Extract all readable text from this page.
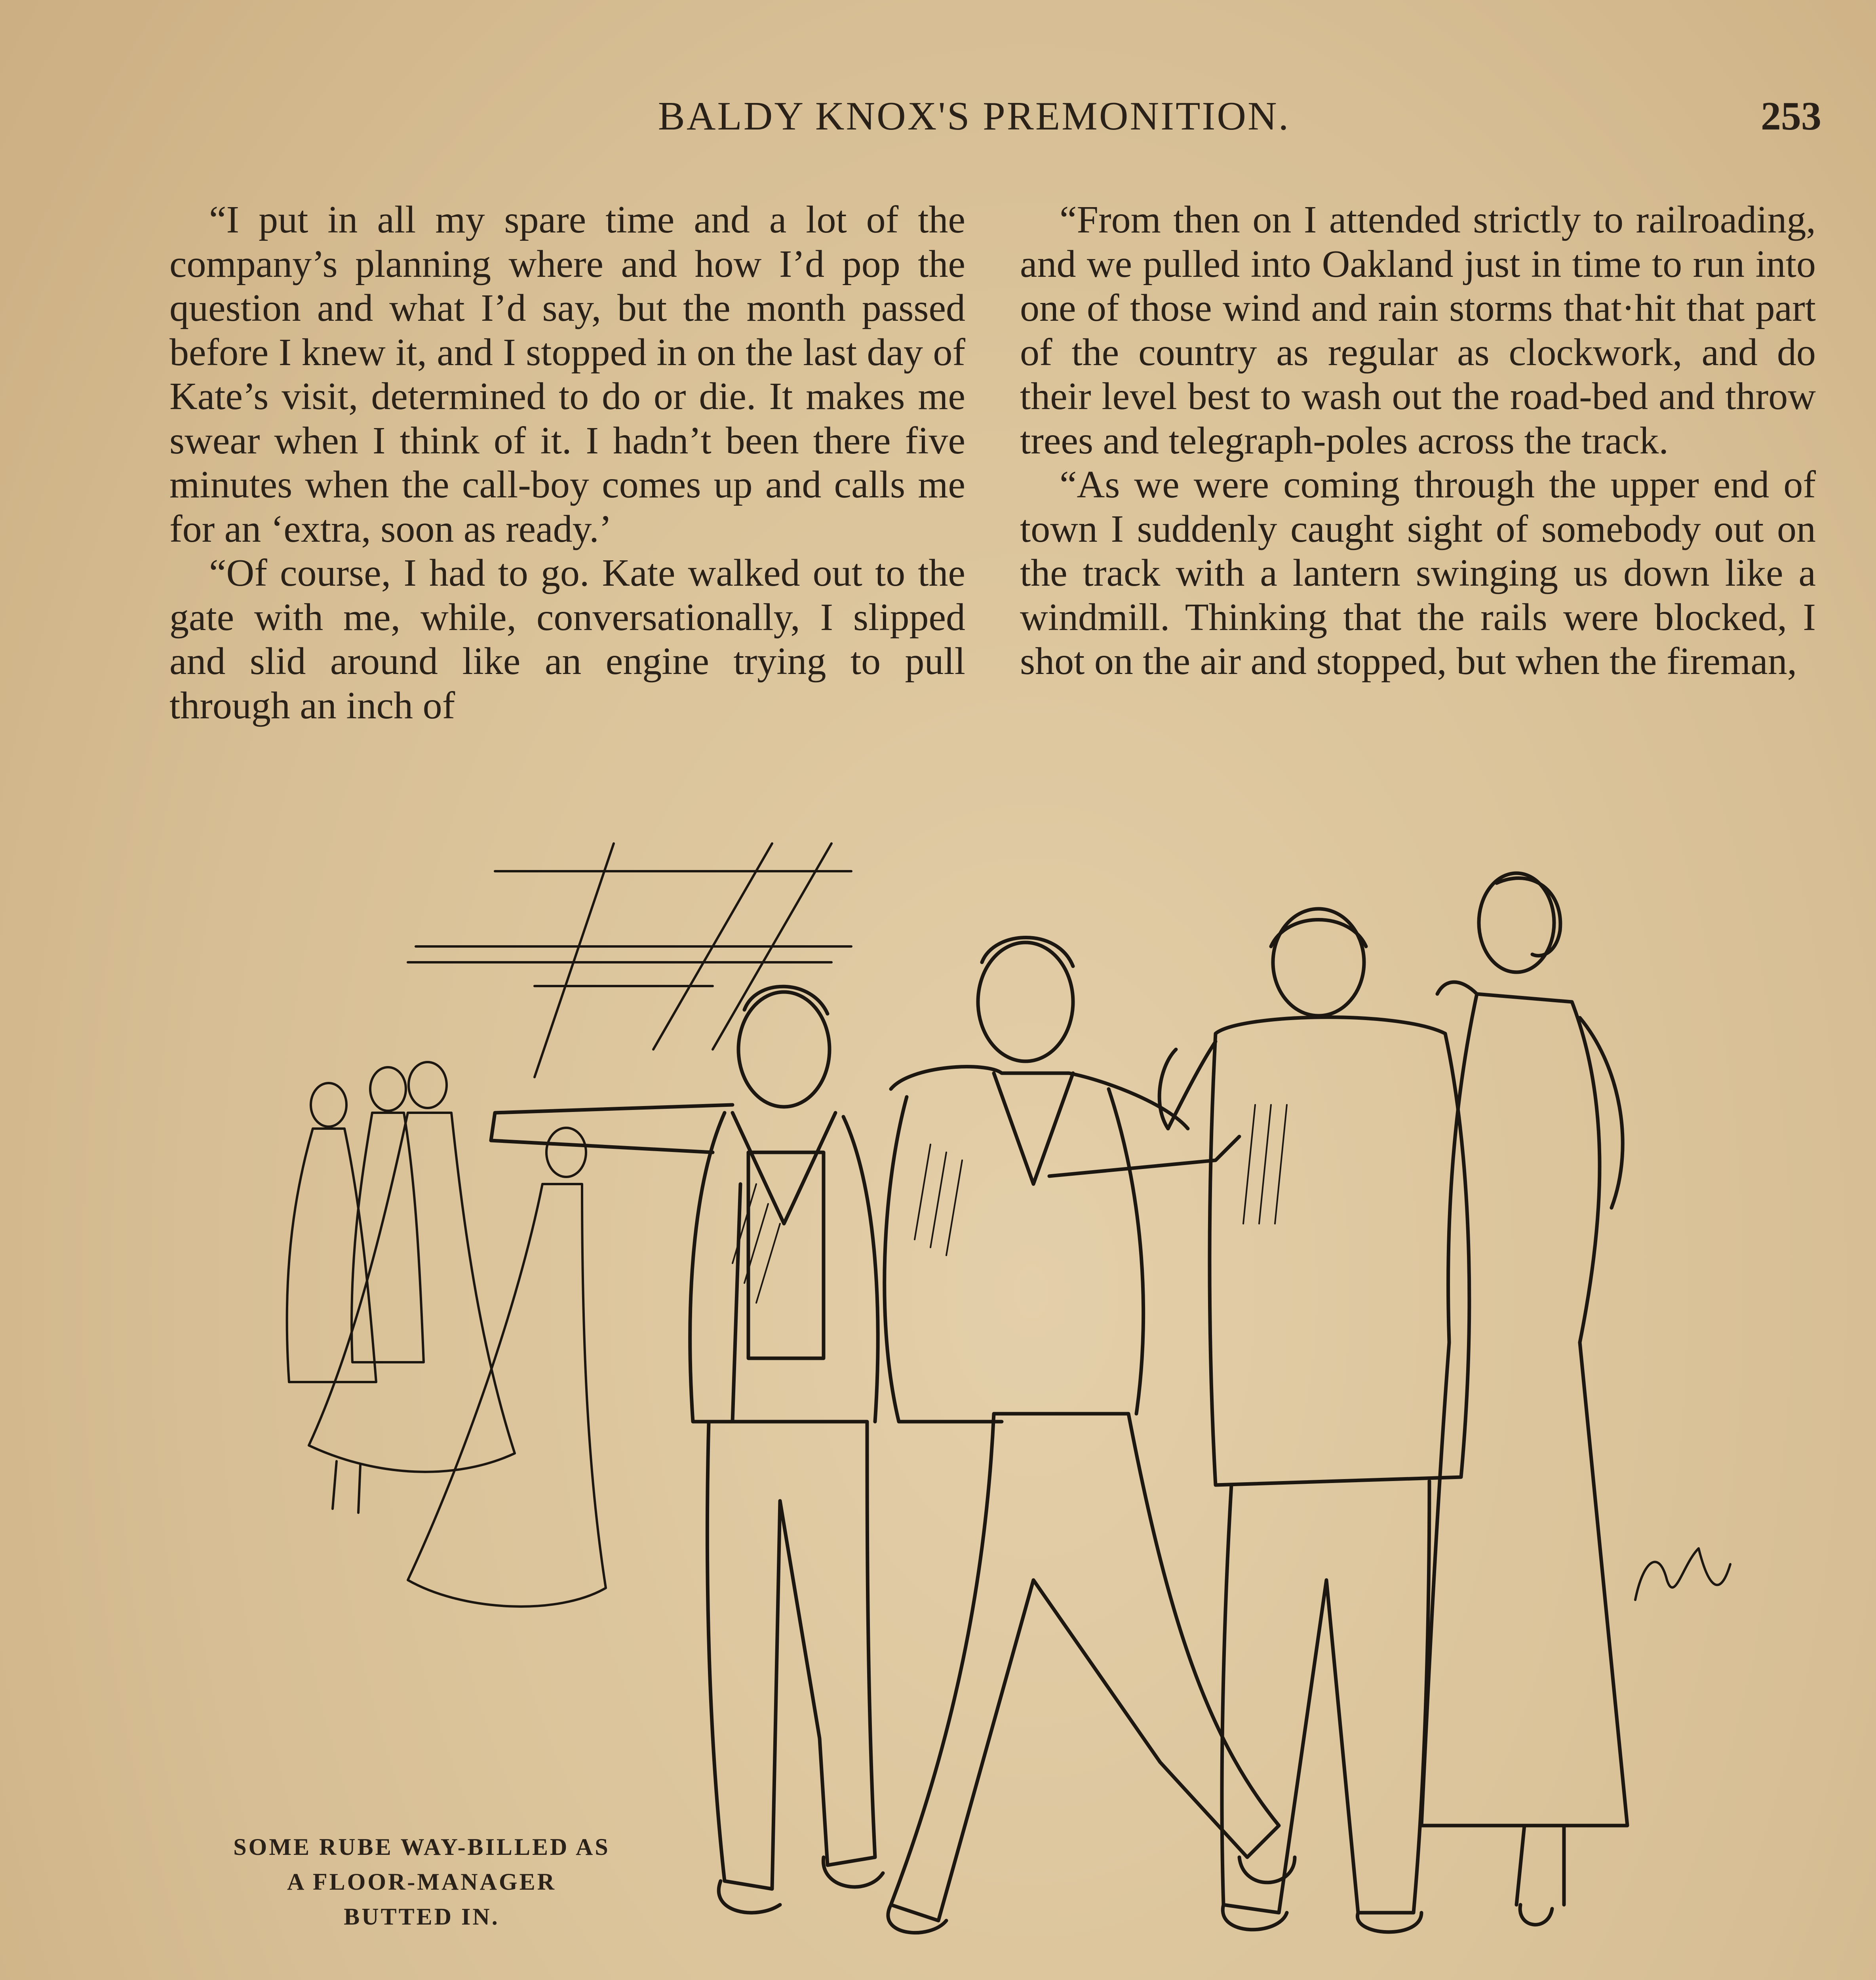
BALDY KNOX'S PREMONITION.	253

“I put in all my spare time and a lot of the company’s planning where and how I’d pop the question and what I’d say, but the month passed before I knew it, and I stopped in on the last day of Kate’s visit, determined to do or die. It makes me swear when I think of it. I hadn’t been there five minutes when the call-boy comes up and calls me for an ‘extra, soon as ready.’

“Of course, I had to go. Kate walked out to the gate with me, while, conversationally, I slipped and slid around like an engine trying to pull through an inch of

“From then on I attended strictly to railroading, and we pulled into Oakland just in time to run into one of those wind and rain storms that·hit that part of the country as regular as clockwork, and do their level best to wash out the road-bed and throw trees and telegraph-poles across the track.

“As we were coming through the upper end of town I suddenly caught sight of somebody out on the track with a lantern swinging us down like a windmill. Thinking that the rails were blocked, I shot on the air and stopped, but when the fireman,

SOME RUBE WAY-BILLED AS
A FLOOR-MANAGER
BUTTED IN.
